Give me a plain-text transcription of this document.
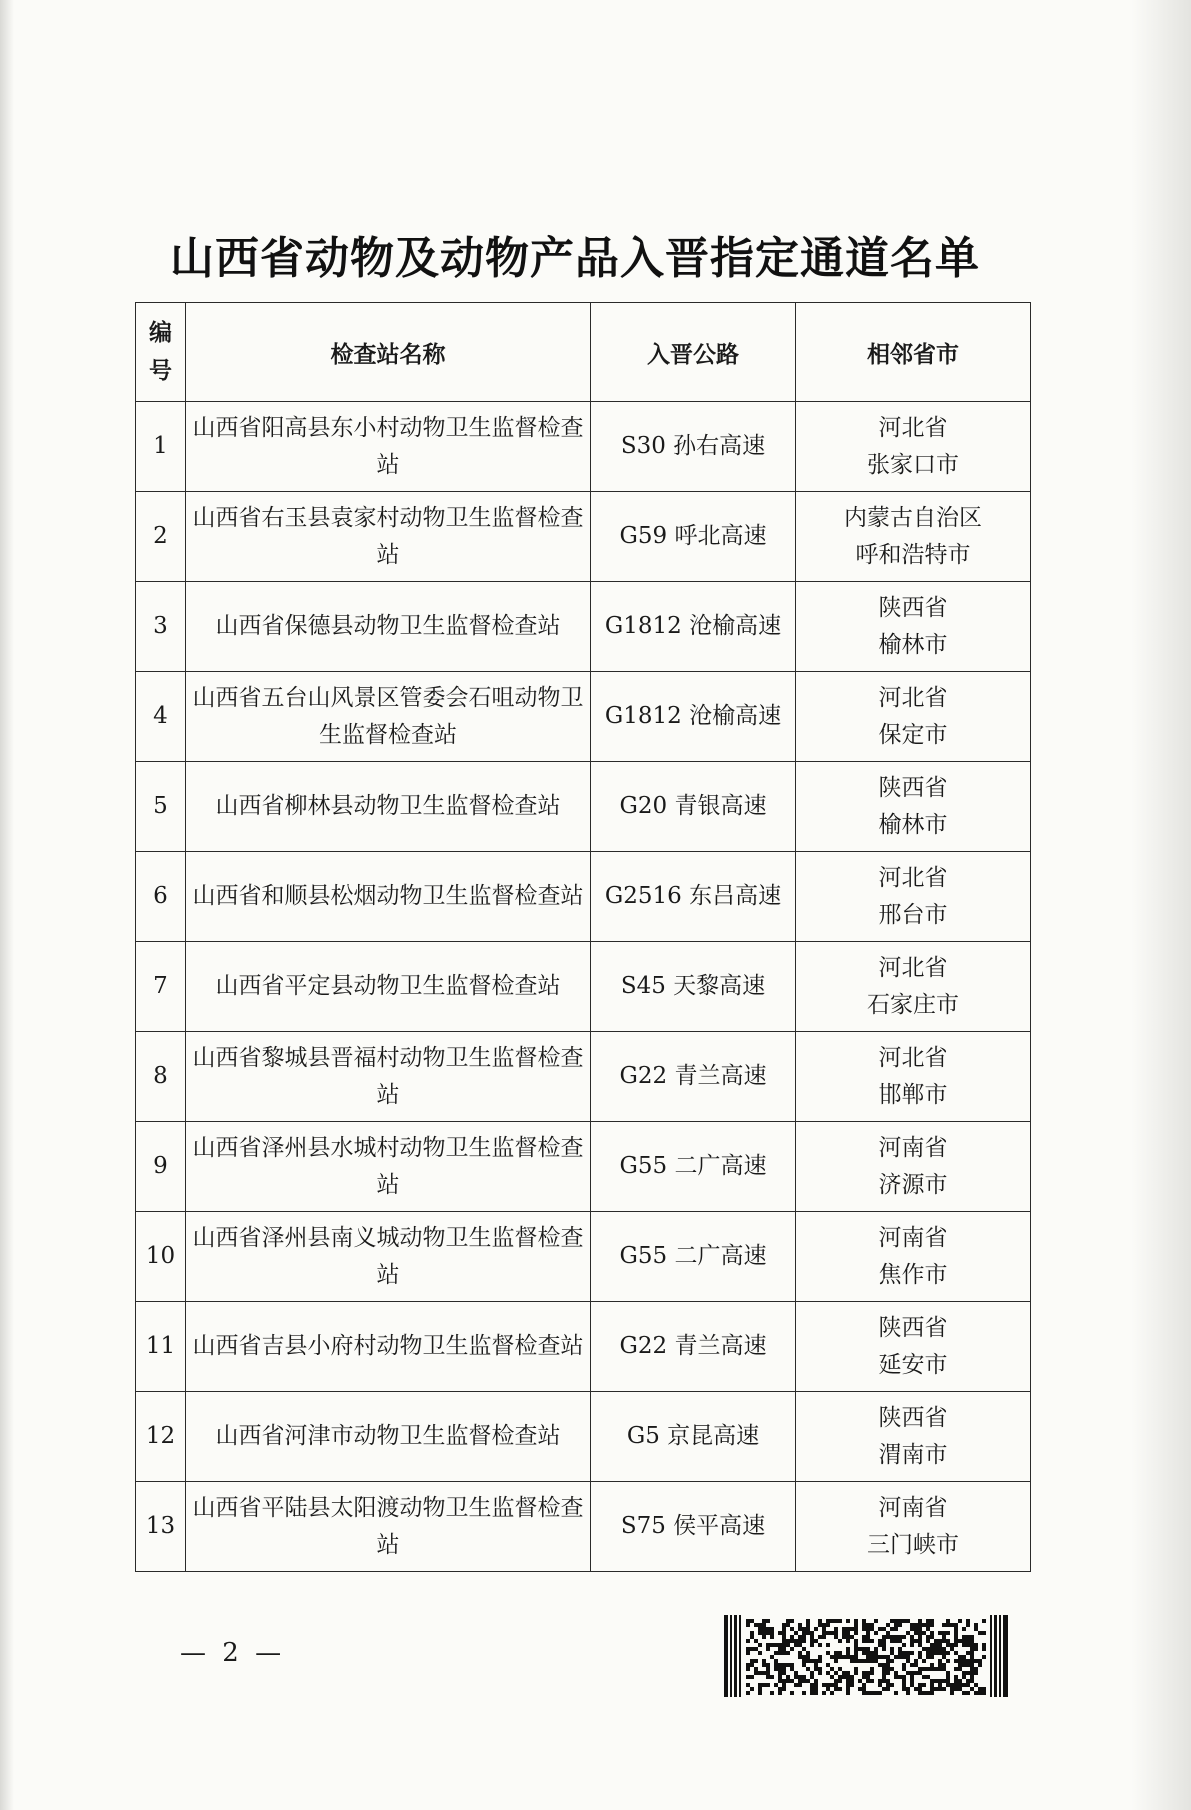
山西省动物及动物产品入晋指定通道名单
编
号	检查站名称	入晋公路	相邻省市
1	山西省阳高县东小村动物卫生监督检查站	S30 孙右高速	河北省
张家口市
2	山西省右玉县袁家村动物卫生监督检查站	G59 呼北高速	内蒙古自治区
呼和浩特市
3	山西省保德县动物卫生监督检查站	G1812 沧榆高速	陕西省
榆林市
4	山西省五台山风景区管委会石咀动物卫生监督检查站	G1812 沧榆高速	河北省
保定市
5	山西省柳林县动物卫生监督检查站	G20 青银高速	陕西省
榆林市
6	山西省和顺县松烟动物卫生监督检查站	G2516 东吕高速	河北省
邢台市
7	山西省平定县动物卫生监督检查站	S45 天黎高速	河北省
石家庄市
8	山西省黎城县晋福村动物卫生监督检查站	G22 青兰高速	河北省
邯郸市
9	山西省泽州县水城村动物卫生监督检查站	G55 二广高速	河南省
济源市
10	山西省泽州县南义城动物卫生监督检查站	G55 二广高速	河南省
焦作市
11	山西省吉县小府村动物卫生监督检查站	G22 青兰高速	陕西省
延安市
12	山西省河津市动物卫生监督检查站	G5 京昆高速	陕西省
渭南市
13	山西省平陆县太阳渡动物卫生监督检查站	S75 侯平高速	河南省
三门峡市
— 2 —
